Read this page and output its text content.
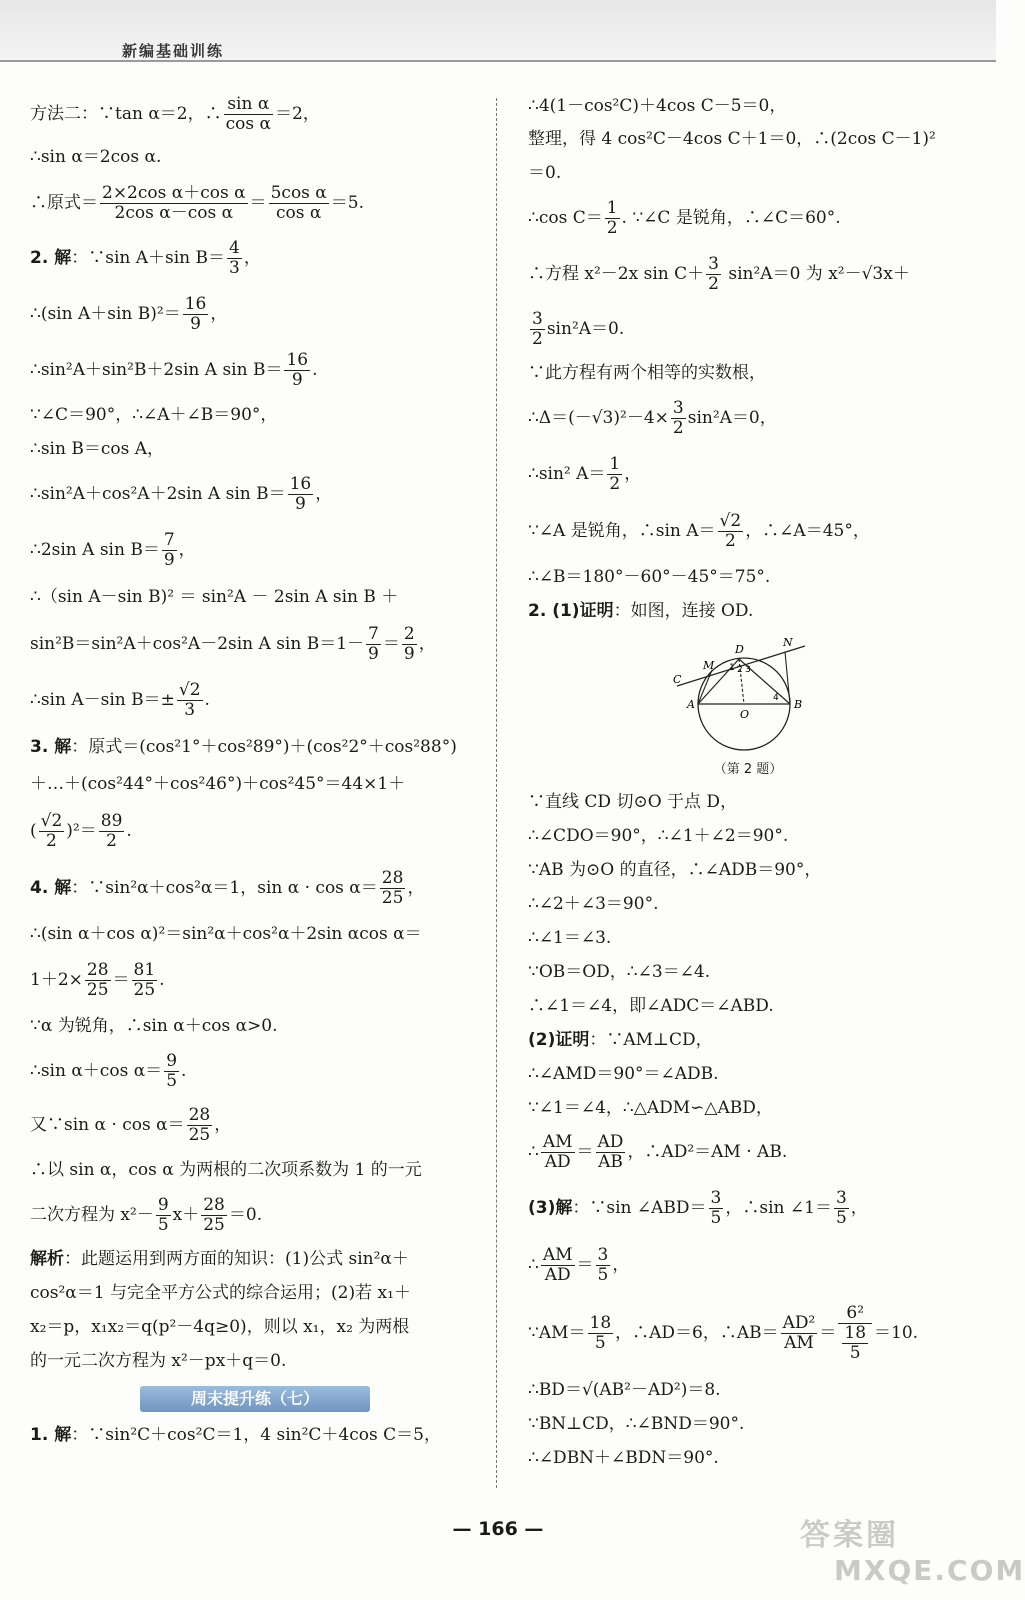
新编基础训练

方法二：∵tan α＝2，∴ $\frac{\text{sin α}}{\text{cos α}} =2$，

∴sin α＝2cos α.

∴原式＝ $\frac{\text{2×2cos α＋cos α}}{\text{2cos α－cos α}} = \frac{\text{5cos α}}{\text{cos α}} =5$.

2. 解：∵sin A＋sin $B= \frac{4}{3}$ ，

∴(sin A＋sin $B)^2= \frac{16}{9}$ ，

∴sin²A＋sin²B＋2sin A $\sin B= \frac{16}{9}$ .

∵∠C＝90°，∴∠A＋∠B＝90°，

∴sin B＝cos A，

∴sin²A＋cos²A＋2sin A $\sin B= \frac{16}{9}$ ，

∴2sin A $\sin B= \frac{7}{9}$ ，

∴（sin A－sin B)² ＝ sin²A － 2sin A sin B ＋

sin²B＝sin²A＋cos²A－2sin A $\sin B=1- \frac{7}{9} = \frac{2}{9}$ ，

∴sin A－sin $B=\pm \frac{√2}{3}$ .

3. 解：原式＝(cos²1°＋cos²89°)＋(cos²2°＋cos²88°)

＋…＋(cos²44°＋cos²46°)＋cos²45°＝44×1＋

( $\frac{√2}{2} )^2= \frac{89}{2}$ .

4. 解：∵sin²α＋cos²α＝1，$\sin \alpha \cdot \cos \alpha= \frac{28}{25}$ ，

∴(sin α＋cos α)²＝sin²α＋cos²α＋2sin αcos α＝

$1+2\times \frac{28}{25} = \frac{81}{25}$ .

∵α 为锐角，∴sin α＋cos α>0.

∴sin α＋cos $\alpha= \frac{9}{5}$ .

又∵sin $\alpha \cdot \cos \alpha= \frac{28}{25}$ ，

∴以 sin α，cos α 为两根的二次项系数为 1 的一元

二次方程为 $x^2- \frac{9}{5} x+ \frac{28}{25} =0$.

解析：此题运用到两方面的知识：(1)公式 sin²α＋

cos²α＝1 与完全平方公式的综合运用；(2)若 x₁＋

x₂＝p，x₁x₂＝q(p²－4q≥0)，则以 x₁，x₂ 为两根

的一元二次方程为 x²－px＋q＝0.

周末提升练（七）

1. 解：∵sin²C＋cos²C＝1，4 sin²C＋4cos C＝5，

∴4(1－cos²C)＋4cos C－5＝0，

整理，得 4 cos²C－4cos C＋1＝0，∴(2cos C－1)²

＝0.

∴cos $C= \frac{1}{2}$ . ∵∠C 是锐角，∴∠C＝60°.

∴方程 x²－2x $\sin C+ \frac{3}{2} \sin^2A=0$ 为 x²－√3x＋

$\frac{3}{2} \sin^2A=0$.

∵此方程有两个相等的实数根，

∴Δ＝(－√3)²－4× $\frac{3}{2} \sin^2A=0$，

∴sin² $A= \frac{1}{2}$ ，

∵∠A 是锐角，∴sin $A= \frac{√2}{2}$ ，∴∠A＝45°，

∴∠B＝180°－60°－45°＝75°.

2. (1)证明：如图，连接 OD.

C
M
D
N
A
O
B
1 2 3
4
（第 2 题）

∵直线 CD 切⊙O 于点 D，

∴∠CDO＝90°，∴∠1＋∠2＝90°.

∵AB 为⊙O 的直径，∴∠ADB＝90°，

∴∠2＋∠3＝90°.

∴∠1＝∠3.

∵OB＝OD，∴∠3＝∠4.

∴∠1＝∠4，即∠ADC＝∠ABD.

(2)证明：∵AM⊥CD，

∴∠AMD＝90°＝∠ADB.

∵∠1＝∠4，∴△ADM∽△ABD，

∴ $\frac{AM}{AD} = \frac{AD}{AB}$ ，∴AD²＝AM · AB.

(3)解：∵sin ∠ABD＝ $\frac{3}{5}$ ，∴sin ∠1＝ $\frac{3}{5}$ ，

∴ $\frac{AM}{AD} = \frac{3}{5}$ ，

∵AM＝ $\frac{18}{5}$ ，∴AD＝6，∴AB＝ $\frac{\text{AD²}}{AM} = \frac{\text{6²}}{\frac{18}{5}} =10$.

∴BD＝√(AB²－AD²)＝8.

∵BN⊥CD，∴∠BND＝90°.

∴∠DBN＋∠BDN＝90°.

— 166 —	答案圈
MXQE.COM
